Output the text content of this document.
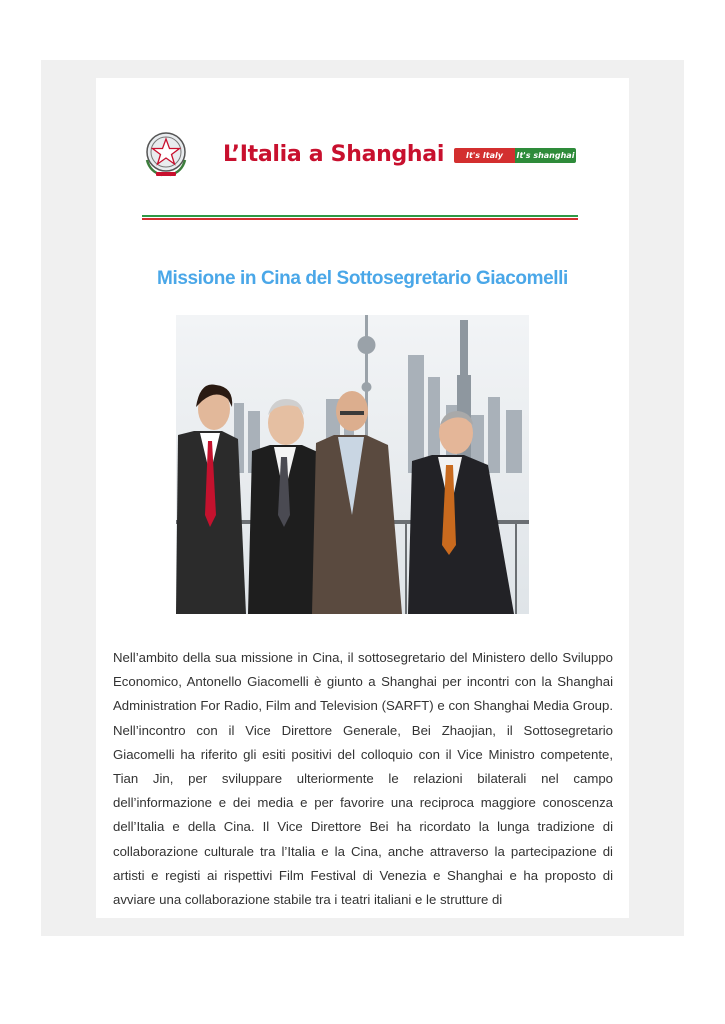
L’Italia a Shanghai	It's Italy	It's shanghai
Missione in Cina del Sottosegretario Giacomelli

Nell’ambito della sua missione in Cina, il sottosegretario del Ministero dello Sviluppo Economico, Antonello Giacomelli è giunto a Shanghai per incontri con la Shanghai Administration For Radio, Film and Television (SARFT) e con Shanghai Media Group. Nell’incontro con il Vice Direttore Generale, Bei Zhaojian, il Sottosegretario Giacomelli ha riferito gli esiti positivi del colloquio con il Vice Ministro competente, Tian Jin, per sviluppare ulteriormente le relazioni bilaterali nel campo dell’informazione e dei media e per favorire una reciproca maggiore conoscenza dell’Italia e della Cina. Il Vice Direttore Bei ha ricordato la lunga tradizione di collaborazione culturale tra l’Italia e la Cina, anche attraverso la partecipazione di artisti e registi ai rispettivi Film Festival di Venezia e Shanghai e ha proposto di avviare una collaborazione stabile tra i teatri italiani e le strutture di
